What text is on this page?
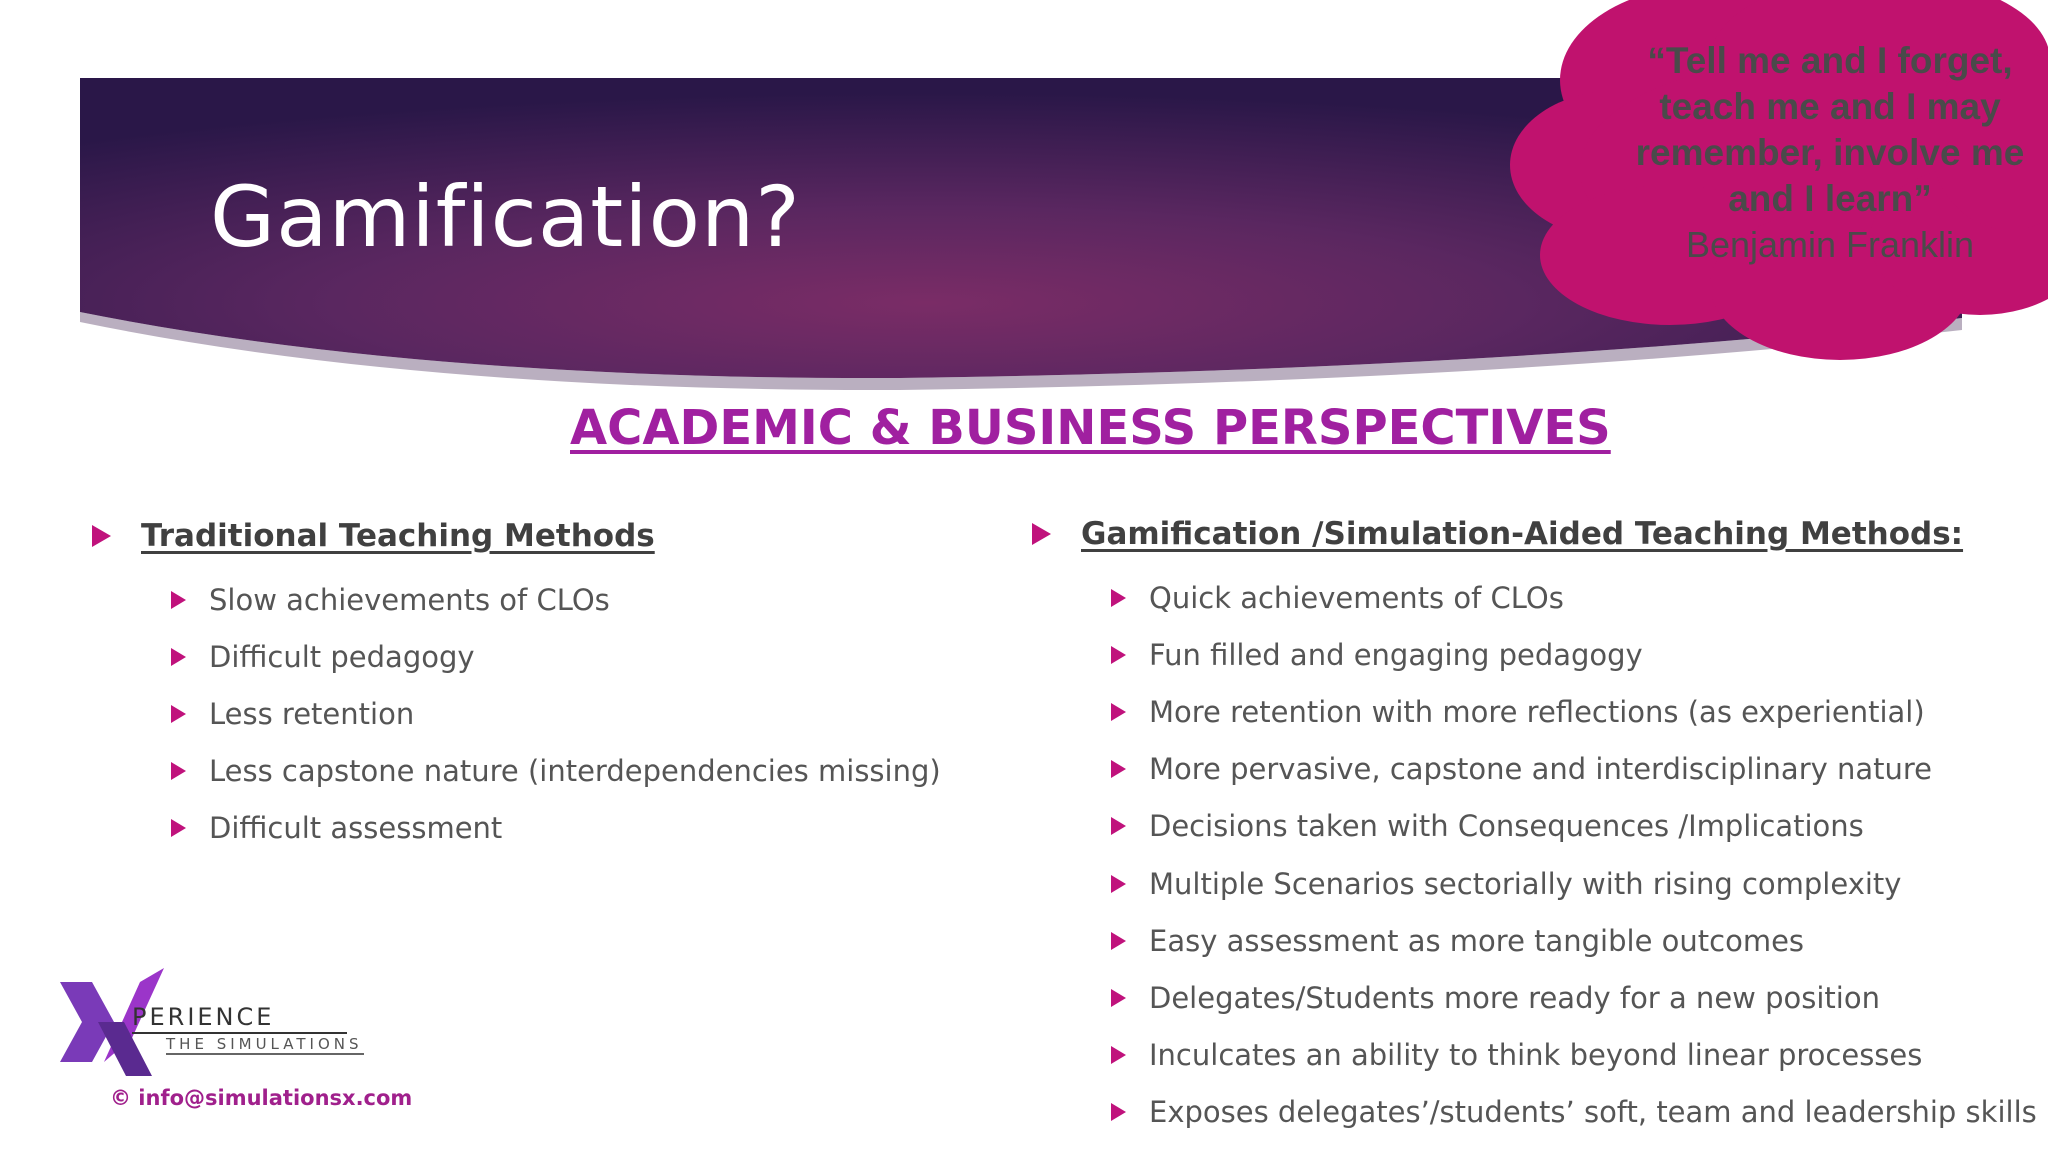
Gamification?
“Tell me and I forget,
teach me and I may
remember, involve me
and I learn”
Benjamin Franklin
ACADEMIC & BUSINESS PERSPECTIVES
Traditional Teaching Methods
Slow achievements of CLOs
Difficult pedagogy
Less retention
Less capstone nature (interdependencies missing)
Difficult assessment
Gamification /Simulation-Aided Teaching Methods:
Quick achievements of CLOs
Fun filled and engaging pedagogy
More retention with more reflections (as experiential)
More pervasive, capstone and interdisciplinary nature
Decisions taken with Consequences /Implications
Multiple Scenarios sectorially with rising complexity
Easy assessment as more tangible outcomes
Delegates/Students more ready for a new position
Inculcates an ability to think beyond linear processes
Exposes delegates’/students’ soft, team and leadership skills
PERIENCE
THE SIMULATIONS
© info@simulationsx.com
